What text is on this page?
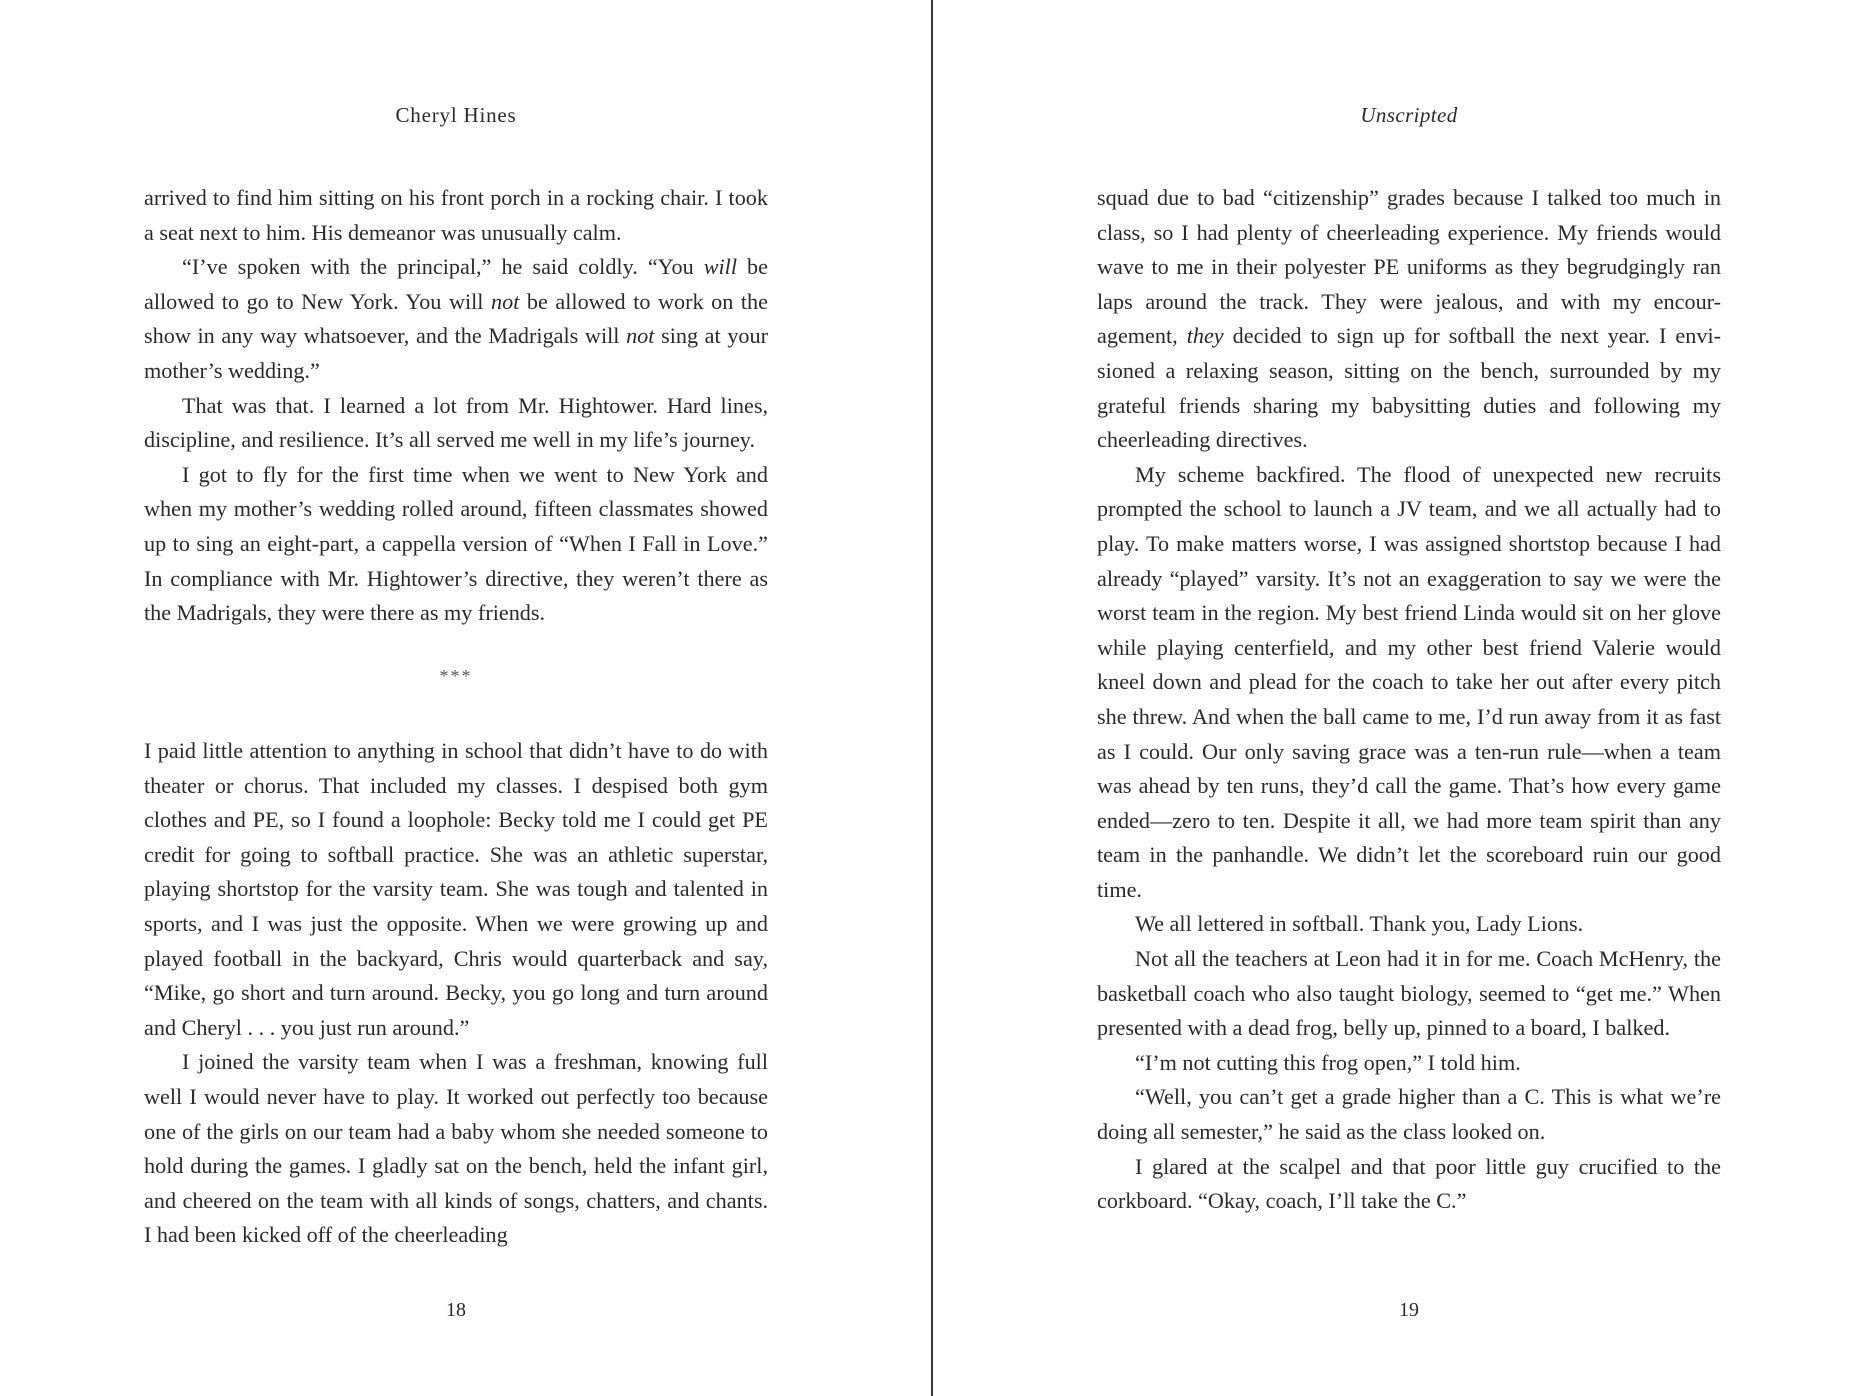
Cheryl Hines

arrived to find him sitting on his front porch in a rocking chair. I took a seat next to him. His demeanor was unusually calm.

“I’ve spoken with the principal,” he said coldly. “You will be allowed to go to New York. You will not be allowed to work on the show in any way whatsoever, and the Madrigals will not sing at your mother’s wedding.”

That was that. I learned a lot from Mr. Hightower. Hard lines, discipline, and resilience. It’s all served me well in my life’s journey.

I got to fly for the first time when we went to New York and when my mother’s wedding rolled around, fifteen classmates showed up to sing an eight-part, a cappella version of “When I Fall in Love.” In compliance with Mr. Hightower’s directive, they weren’t there as the Madrigals, they were there as my friends.

***

I paid little attention to anything in school that didn’t have to do with theater or chorus. That included my classes. I despised both gym clothes and PE, so I found a loophole: Becky told me I could get PE credit for going to softball practice. She was an athletic superstar, playing shortstop for the varsity team. She was tough and talented in sports, and I was just the opposite. When we were growing up and played football in the backyard, Chris would quarterback and say, “Mike, go short and turn around. Becky, you go long and turn around and Cheryl . . . you just run around.”

I joined the varsity team when I was a freshman, knowing full well I would never have to play. It worked out perfectly too because one of the girls on our team had a baby whom she needed someone to hold during the games. I gladly sat on the bench, held the infant girl, and cheered on the team with all kinds of songs, chatters, and chants. I had been kicked off of the cheerleading

18
Unscripted

squad due to bad “citizenship” grades because I talked too much in class, so I had plenty of cheerleading experience. My friends would wave to me in their polyester PE uniforms as they begrudgingly ran laps around the track. They were jealous, and with my encour-agement, they decided to sign up for softball the next year. I envi-sioned a relaxing season, sitting on the bench, surrounded by my grateful friends sharing my babysitting duties and following my cheerleading directives.

My scheme backfired. The flood of unexpected new recruits prompted the school to launch a JV team, and we all actually had to play. To make matters worse, I was assigned shortstop because I had already “played” varsity. It’s not an exaggeration to say we were the worst team in the region. My best friend Linda would sit on her glove while playing centerfield, and my other best friend Valerie would kneel down and plead for the coach to take her out after every pitch she threw. And when the ball came to me, I’d run away from it as fast as I could. Our only saving grace was a ten-run rule—when a team was ahead by ten runs, they’d call the game. That’s how every game ended—zero to ten. Despite it all, we had more team spirit than any team in the panhandle. We didn’t let the scoreboard ruin our good time.

We all lettered in softball. Thank you, Lady Lions.

Not all the teachers at Leon had it in for me. Coach McHenry, the basketball coach who also taught biology, seemed to “get me.” When presented with a dead frog, belly up, pinned to a board, I balked.

“I’m not cutting this frog open,” I told him.

“Well, you can’t get a grade higher than a C. This is what we’re doing all semester,” he said as the class looked on.

I glared at the scalpel and that poor little guy crucified to the corkboard. “Okay, coach, I’ll take the C.”

19
